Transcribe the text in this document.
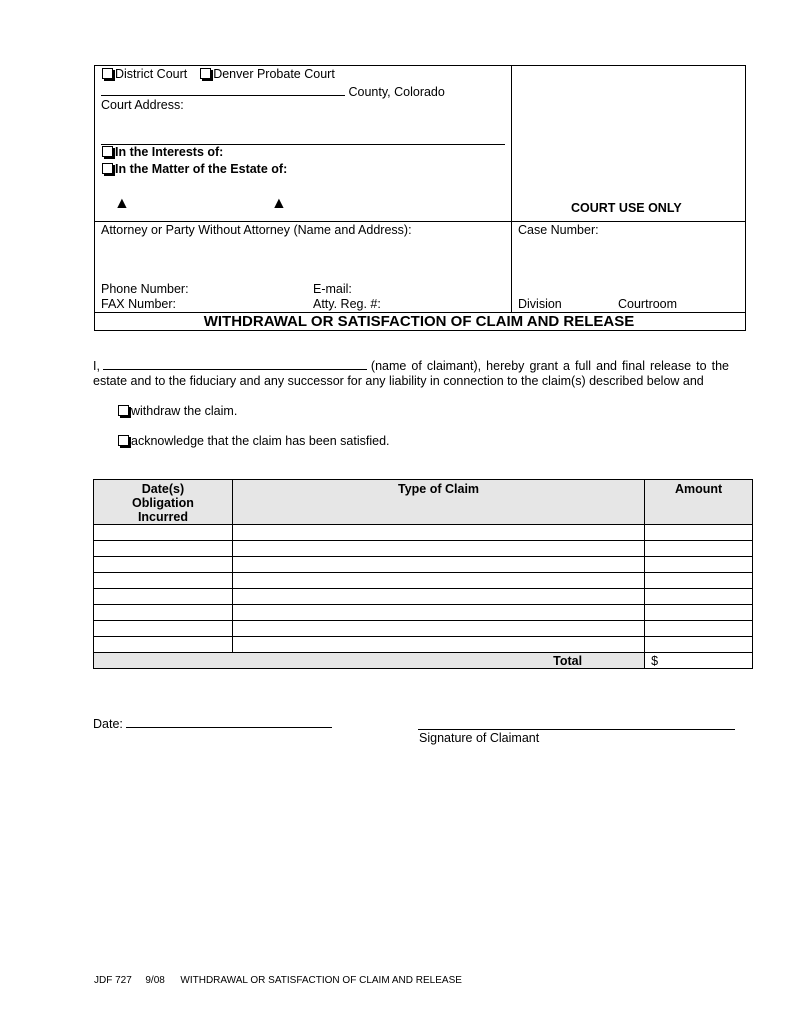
District Court Denver Probate Court
County, Colorado
Court Address:
In the Interests of:
In the Matter of the Estate of:
▲	▲	COURT USE ONLY
Attorney or Party Without Attorney (Name and Address):	Case Number:
Phone Number:	E-mail:
FAX Number:	Atty. Reg. #:	Division	Courtroom
WITHDRAWAL OR SATISFACTION OF CLAIM AND RELEASE
I,	(name of claimant), hereby grant a full and final release to the
estate and to the fiduciary and any successor for any liability in connection to the claim(s) described below and
withdraw the claim.
acknowledge that the claim has been satisfied.
Date(s) Obligation Incurred	Type of Claim	Amount

Total		$
Date:
Signature of Claimant
JDF 727 9/08 WITHDRAWAL OR SATISFACTION OF CLAIM AND RELEASE
